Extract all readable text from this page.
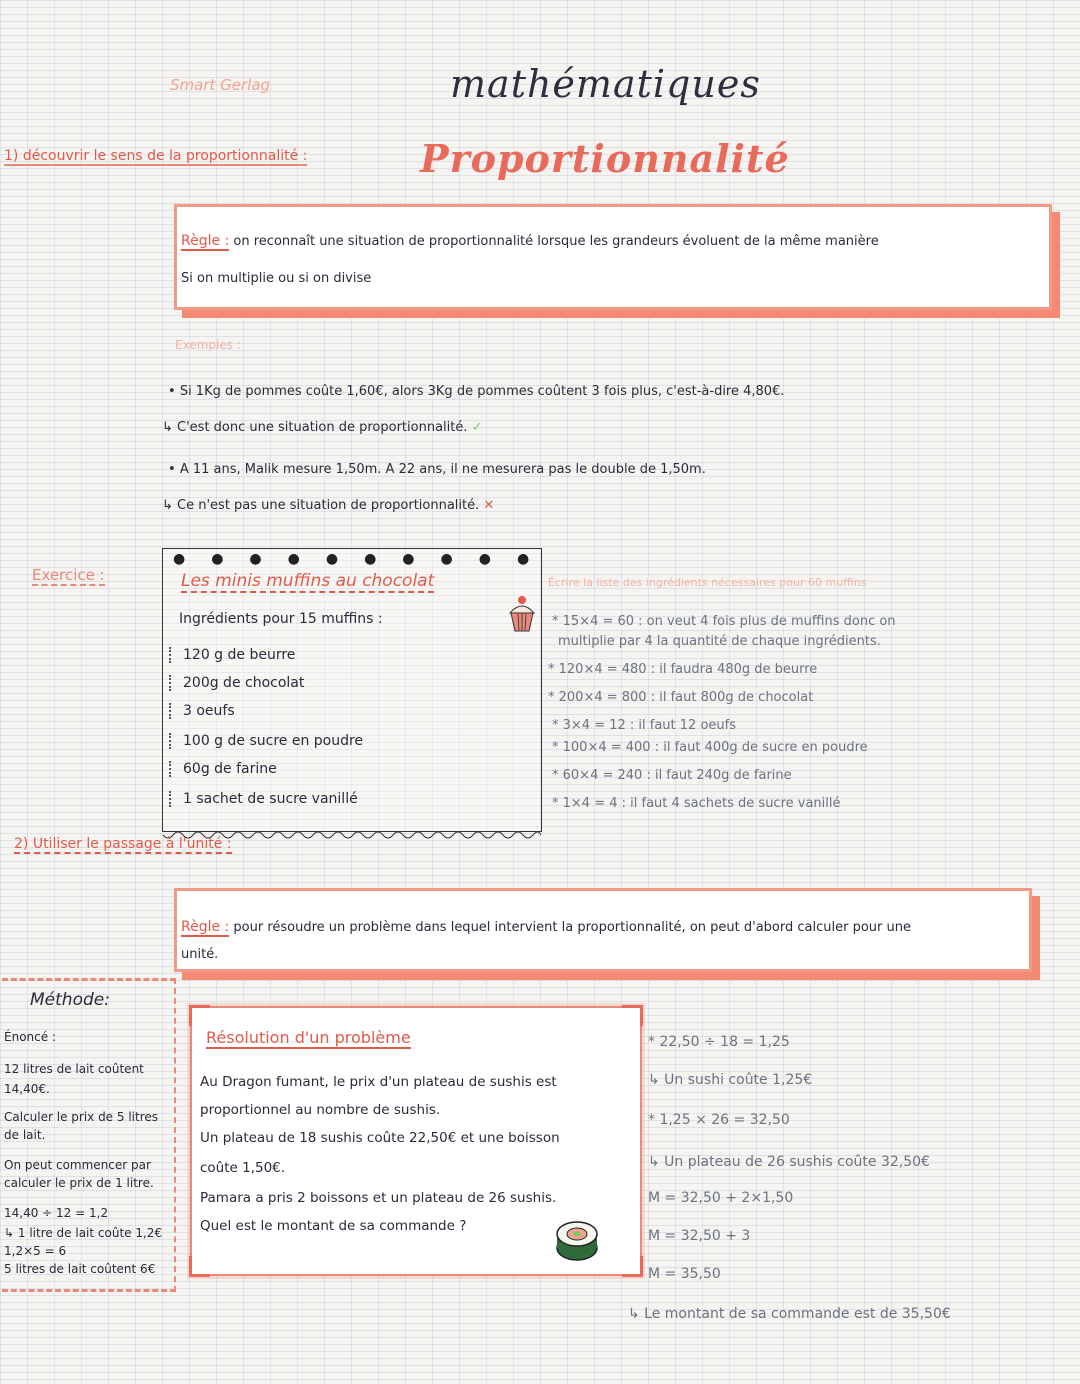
Smart Gerlag	mathématiques
Proportionnalité
1) découvrir le sens de la proportionnalité :
Règle : on reconnaît une situation de proportionnalité lorsque les grandeurs évoluent de la même manière
Si on multiplie ou si on divise
Exemples :
• Si 1Kg de pommes coûte 1,60€, alors 3Kg de pommes coûtent 3 fois plus, c'est-à-dire 4,80€.
↳ C'est donc une situation de proportionnalité. ✓
• A 11 ans, Malik mesure 1,50m. A 22 ans, il ne mesurera pas le double de 1,50m.
↳ Ce n'est pas une situation de proportionnalité. ✕
Exercice :
●●●●●●●●●●
Les minis muffins au chocolat
Ingrédients pour 15 muffins :
120 g de beurre
200g de chocolat
3 oeufs
100 g de sucre en poudre
60g de farine
1 sachet de sucre vanillé
Écrire la liste des ingrédients nécessaires pour 60 muffins
* 15×4 = 60 : on veut 4 fois plus de muffins donc on
multiplie par 4 la quantité de chaque ingrédients.
* 120×4 = 480 : il faudra 480g de beurre
* 200×4 = 800 : il faut 800g de chocolat
* 3×4 = 12 : il faut 12 oeufs
* 100×4 = 400 : il faut 400g de sucre en poudre
* 60×4 = 240 : il faut 240g de farine
* 1×4 = 4 : il faut 4 sachets de sucre vanillé
2) Utiliser le passage à l'unité :
Règle : pour résoudre un problème dans lequel intervient la proportionnalité, on peut d'abord calculer pour une
unité.
Méthode:
Énoncé :
12 litres de lait coûtent
14,40€.
Calculer le prix de 5 litres
de lait.
On peut commencer par
calculer le prix de 1 litre.
14,40 ÷ 12 = 1,2
↳ 1 litre de lait coûte 1,2€
1,2×5 = 6
5 litres de lait coûtent 6€
Résolution d'un problème
Au Dragon fumant, le prix d'un plateau de sushis est
proportionnel au nombre de sushis.
Un plateau de 18 sushis coûte 22,50€ et une boisson
coûte 1,50€.
Pamara a pris 2 boissons et un plateau de 26 sushis.
Quel est le montant de sa commande ?
* 22,50 ÷ 18 = 1,25
↳ Un sushi coûte 1,25€
* 1,25 × 26 = 32,50
↳ Un plateau de 26 sushis coûte 32,50€
M = 32,50 + 2×1,50
M = 32,50 + 3
M = 35,50
↳ Le montant de sa commande est de 35,50€
